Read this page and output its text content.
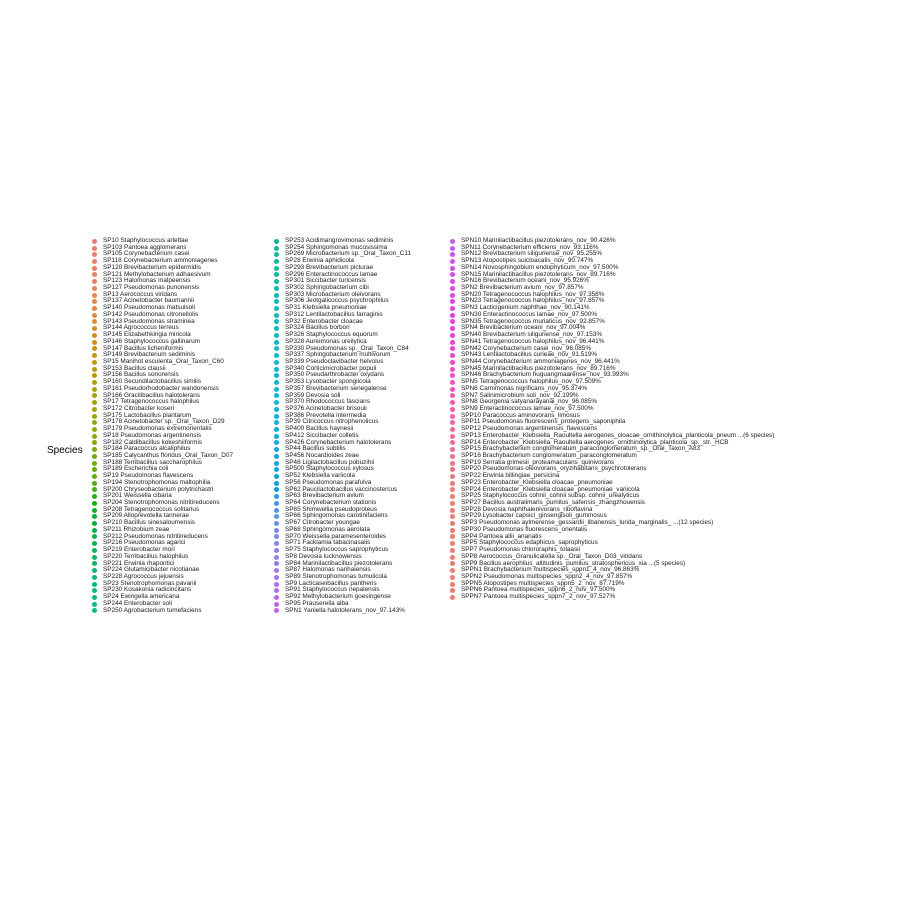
Species
SP10 Staphylococcus arlettae
SP103 Pantoea agglomerans
SP105 Corynebacterium casei
SP118 Corynebacterium ammoniagenes
SP120 Brevibacterium epidermidis
SP121 Methylobacterium adhaesivum
SP123 Halomonas malpeensis
SP127 Pseudomonas punonensis
SP13 Aerococcus viridans
SP137 Acinetobacter baumannii
SP140 Pseudomonas matsuisoli
SP142 Pseudomonas citronellolis
SP143 Pseudomonas straminea
SP144 Agrococcus terreus
SP145 Elizabethkingia miricola
SP146 Staphylococcus gallinarum
SP147 Bacillus licheniformis
SP149 Brevibacterium sediminis
SP15 Manihot esculenta_Oral_Taxon_C60
SP153 Bacillus clausii
SP156 Bacillus sonorensis
SP160 Secundilactobacillus similis
SP161 Pseudorhodobacter wandonensis
SP166 Gracilibacillus halotolerans
SP17 Tetragenococcus halophilus
SP172 Citrobacter koseri
SP175 Lactobacillus plantarum
SP178 Acinetobacter sp._Oral_Taxon_D29
SP179 Pseudomonas extremorientalis
SP18 Pseudomonas argentinensis
SP182 Caldibacillus kokeshiiformis
SP184 Paracoccus alcaliphilus
SP185 Calycanthus floridus_Oral_Taxon_D07
SP188 Terribacillus saccharophilus
SP189 Escherichia coli
SP19 Pseudomonas flavescens
SP194 Stenotrophomonas maltophilia
SP200 Chryseobacterium polytrichastri
SP201 Weissella cibaria
SP204 Stenotrophomonas nitritireducens
SP208 Tetragenococcus solitarius
SP209 Alloprevotella tannerae
SP210 Bacillus sinesaloumensis
SP211 Rhizobium zeae
SP212 Pseudomonas nitritiireducens
SP216 Pseudomonas agarici
SP219 Enterobacter mori
SP220 Terribacillus halophilus
SP221 Erwinia rhapontici
SP224 Glutamicibacter nicotianae
SP228 Agrococcus jejuensis
SP23 Stenotrophomonas pavanii
SP230 Kosakonia radicincitans
SP24 Ewingella americana
SP244 Enterobacter soli
SP250 Agrobacterium tumefaciens
SP253 Acidimangrovimonas sediminis
SP254 Sphingomonas mucosissima
SP269 Microbacterium sp._Oral_Taxon_C11
SP28 Erwinia aphidicola
SP293 Brevibacterium picturae
SP296 Enteractinococcus lamae
SP301 Siccibacter turicensis
SP302 Sphingobacterium cibi
SP303 Microbacterium oleivorans
SP306 Jeotgalicoccus psychrophilus
SP31 Klebsiella pneumoniae
SP312 Lentilactobacillus farraginis
SP32 Enterobacter cloacae
SP324 Bacillus borbori
SP326 Staphylococcus equorum
SP328 Aureimonas ureilytica
SP330 Pseudomonas sp._Oral_Taxon_C84
SP337 Sphingobacterium multivorum
SP339 Pseudoclavibacter helvolus
SP340 Corticimicrobacter populi
SP350 Pseudarthrobacter oxydans
SP353 Lysobacter spongiicola
SP357 Brevibacterium senegalense
SP359 Devosia soli
SP370 Rhodococcus fascians
SP376 Acinetobacter brisouii
SP386 Prevotella intermedia
SP39 Citricoccus nitrophenolicus
SP400 Bacillus haynesii
SP412 Siccibacter colletis
SP426 Corynebacterium halotolerans
SP44 Bacillus subtilis
SP456 Nocardioides zeae
SP48 Ligilactobacillus pobuzihii
SP500 Staphylococcus xylosus
SP52 Klebsiella variicola
SP56 Pseudomonas parafulva
SP62 Paucilactobacillus vaccinostercus
SP63 Brevibacterium avium
SP64 Corynebacterium stationis
SP65 Shimwellia pseudoproteus
SP66 Sphingomonas carotinifaciens
SP67 Citrobacter youngae
SP68 Sphingomonas aerolata
SP70 Weissella paramesenteroides
SP71 Facklamia tabacinasalis
SP75 Staphylococcus saprophyticus
SP8 Devosia lucknowensis
SP84 Marinilactibacillus piezotolerans
SP87 Halomonas nanhaiensis
SP89 Stenotrophomonas tumulicola
SP9 Lacticaseibacillus pantheris
SP91 Staphylococcus nepalensis
SP92 Methylobacterium goesingense
SP95 Prauserella alba
SPN1 Yaniella halotolerans_nov_97.143%
SPN10 Marinilactibacillus piezotolerans_nov_90.426%
SPN11 Corynebacterium efficiens_nov_93.116%
SPN12 Brevibacterium siliguriense_nov_95.255%
SPN13 Atopostipes suicloacalis_nov_90.747%
SPN14 Novosphingobium endophyticum_nov_97.500%
SPN15 Marinilactibacillus piezotolerans_nov_89.716%
SPN16 Brevibacterium oceani_nov_95.926%
SPN2 Brevibacterium avium_nov_97.857%
SPN20 Tetragenococcus halophilus_nov_97.358%
SPN23 Tetragenococcus halophilus_nov_97.857%
SPN3 Lacticigenium naphthae_nov_90.141%
SPN30 Enteractinococcus lamae_nov_97.500%
SPN35 Tetragenococcus muriaticus_nov_92.857%
SPN4 Brevibacterium oceani_nov_97.004%
SPN40 Brevibacterium siliguriense_nov_97.153%
SPN41 Tetragenococcus halophilus_nov_96.441%
SPN42 Corynebacterium casei_nov_96.085%
SPN43 Lentilactobacillus curieae_nov_91.519%
SPN44 Corynebacterium ammoniagenes_nov_96.441%
SPN45 Marinilactibacillus piezotolerans_nov_89.716%
SPN46 Brachybacterium huguangmaarense_nov_93.993%
SPN5 Tetragenococcus halophilus_nov_97.509%
SPN6 Carnimonas nigrificans_nov_95.374%
SPN7 Salinimicrobium soli_nov_92.199%
SPN8 Georgenia satyanarayanai_nov_96.085%
SPN9 Enteractinococcus lamae_nov_97.500%
SPP10 Paracoccus aminovorans_limosus
SPP11 Pseudomonas fluorescens_protegens_saponiphila
SPP12 Pseudomonas argentinensis_flavescens
SPP13 Enterobacter_Klebsiella_Raoultella aerogenes_cloacae_ornithinolytica_planticola_pneum ...(6 species)
SPP14 Enterobacter_Klebsiella_Raoultella aerogenes_ornithinolytica_planticola_sp._str._HCB
SPP15 Brachybacterium conglomeratum_paraconglomeratum_sp._Oral_Taxon_A83
SPP16 Brachybacterium conglomeratum_paraconglomeratum
SPP19 Serratia grimesii_proteamaculans_quinivorans
SPP20 Pseudomonas oleovorans_oryzihabitans_psychrotolerans
SPP22 Erwinia billingiae_persicina
SPP23 Enterobacter_Klebsiella cloacae_pneumoniae
SPP24 Enterobacter_Klebsiella cloacae_pneumoniae_variicola
SPP25 Staphylococcus cohnii_cohnii subsp. cohnii_urealyticus
SPP27 Bacillus australimaris_pumilus_safensis_zhangzhouensis
SPP28 Devosia naphthalenivorans_riboflavina
SPP29 Lysobacter capsici_ginsengisoli_gummosus
SPP3 Pseudomonas aylmerense_gessardii_libanensis_lurida_marginalis_ ...(12 species)
SPP30 Pseudomonas fluorescens_orientalis
SPP4 Pantoea allii_ananatis
SPP5 Staphylococcus edaphicus_saprophyticus
SPP7 Pseudomonas chlororaphis_tolaasii
SPP8 Aerococcus_Granulicatella sp._Oral_Taxon_D03_viridans
SPP9 Bacillus aerophilus_altitudinis_pumilus_stratosphericus_xia ...(5 species)
SPPN1 Brachybacterium multispecies_sppn1_4_nov_96.863%
SPPN2 Pseudomonas multispecies_sppn2_4_nov_97.857%
SPPN5 Atopostipes multispecies_sppn5_2_nov_87.719%
SPPN6 Pantoea multispecies_sppn6_2_nov_97.500%
SPPN7 Pantoea multispecies_sppn7_2_nov_97.527%
